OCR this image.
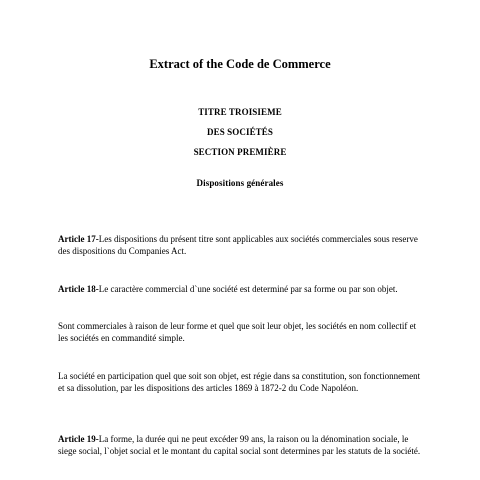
Extract of the Code de Commerce
TITRE TROISIEME
DES SOCIÉTÉS
SECTION PREMIÈRE
Dispositions générales
Article 17-Les dispositions du présent titre sont applicables aux sociétés commerciales sous reserve des dispositions du Companies Act.
Article 18-Le caractère commercial d`une société est determiné par sa forme ou par son objet.
Sont commerciales à raison de leur forme et quel que soit leur objet, les sociétés en nom collectif et les sociétés en commandité simple.
La société en participation quel que soit son objet, est régie dans sa constitution, son fonctionnement et sa dissolution, par les dispositions des articles 1869 à 1872-2 du Code Napoléon.
Article 19-La forme, la durée qui ne peut excéder 99 ans, la raison ou la dénomination sociale, le siege social, l`objet social et le montant du capital social sont determines par les statuts de la société.
